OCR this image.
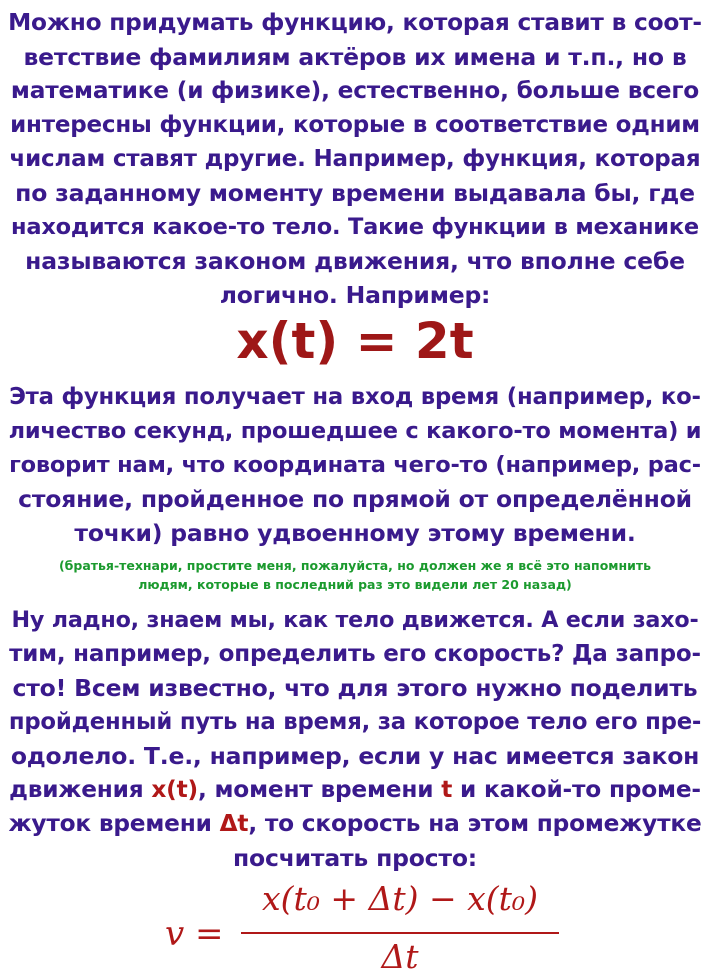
Можно придумать функцию, которая ставит в соот-
ветствие фамилиям актёров их имена и т.п., но в
математике (и физике), естественно, больше всего
интересны функции, которые в соответствие одним
числам ставят другие. Например, функция, которая
по заданному моменту времени выдавала бы, где
находится какое-то тело. Такие функции в механике
называются законом движения, что вполне себе
логично. Например:
x(t) = 2t
Эта функция получает на вход время (например, ко-
личество секунд, прошедшее с какого-то момента) и
говорит нам, что координата чего-то (например, рас-
стояние, пройденное по прямой от определённой
точки) равно удвоенному этому времени.
(братья-технари, простите меня, пожалуйста, но должен же я всё это напомнить
людям, которые в последний раз это видели лет 20 назад)
Ну ладно, знаем мы, как тело движется. А если захо-
тим, например, определить его скорость? Да запро-
сто! Всем известно, что для этого нужно поделить
пройденный путь на время, за которое тело его пре-
одолело. Т.е., например, если у нас имеется закон
движения x(t), момент времени t и какой-то проме-
жуток времени Δt, то скорость на этом промежутке
посчитать просто:
v =
x(t₀ + Δt) − x(t₀)
Δt
